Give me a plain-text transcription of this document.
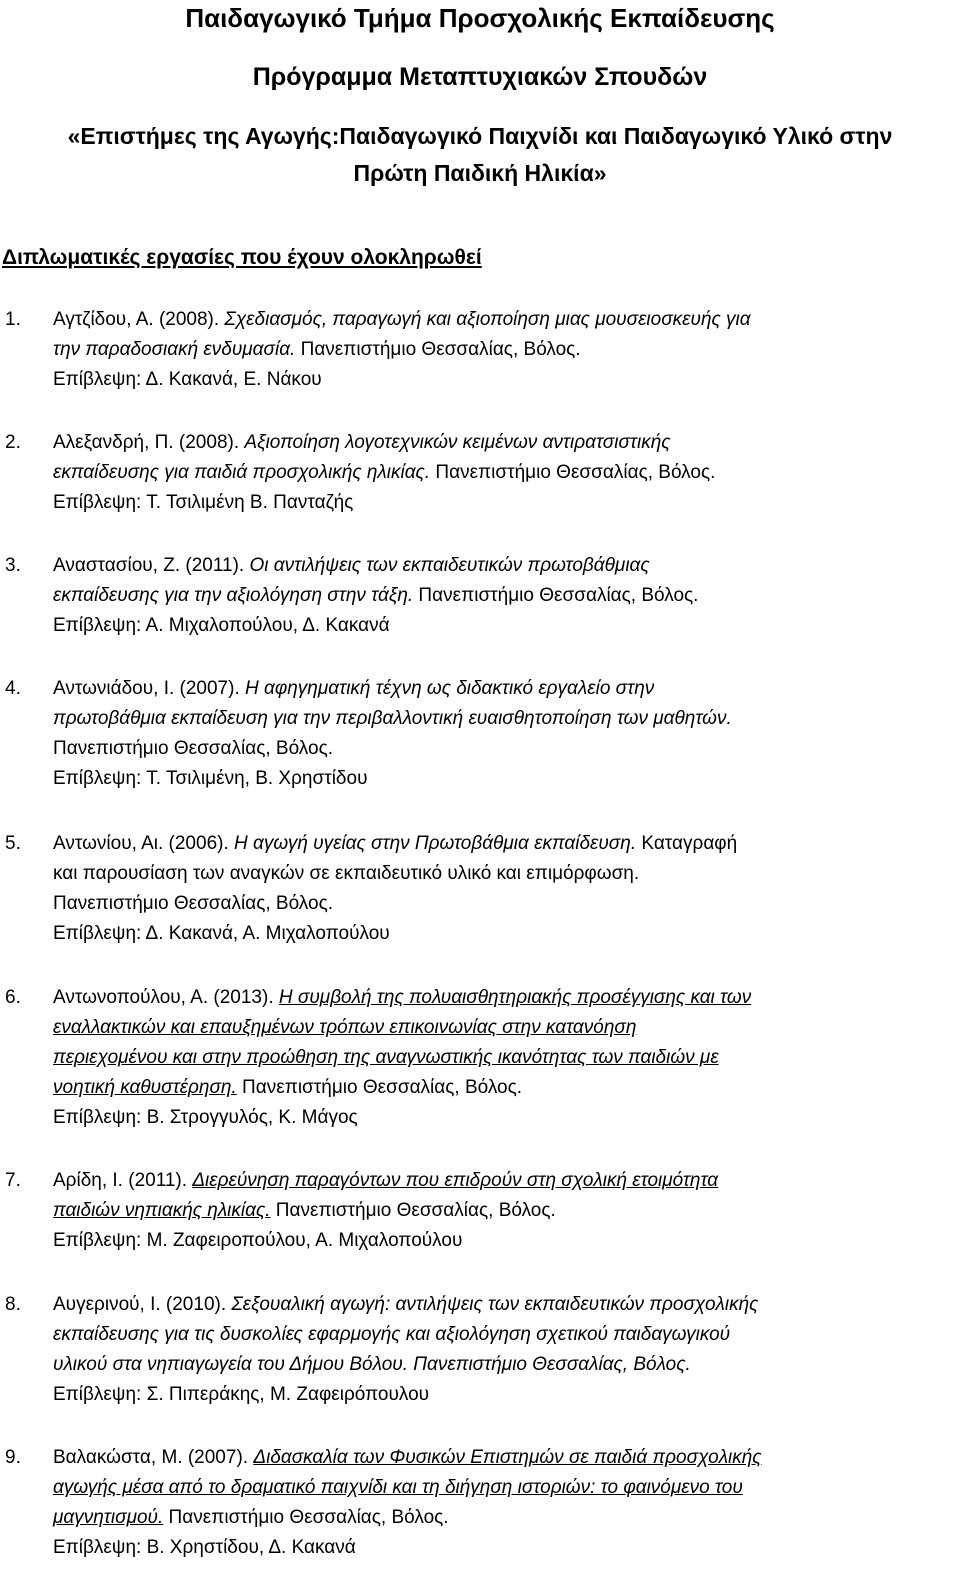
Παιδαγωγικό Τμήμα Προσχολικής Εκπαίδευσης
Πρόγραμμα Μεταπτυχιακών Σπουδών
«Επιστήμες της Αγωγής:Παιδαγωγικό Παιχνίδι και Παιδαγωγικό Υλικό στην
Πρώτη Παιδική Ηλικία»
Διπλωματικές εργασίες που έχουν ολοκληρωθεί
1. Αγτζίδου, Α. (2008). Σχεδιασμός, παραγωγή και αξιοποίηση μιας μουσειοσκευής για
την παραδοσιακή ενδυμασία. Πανεπιστήμιο Θεσσαλίας, Βόλος.
Επίβλεψη: Δ. Κακανά, Ε. Νάκου
2. Αλεξανδρή, Π. (2008). Αξιοποίηση λογοτεχνικών κειμένων αντιρατσιστικής
εκπαίδευσης για παιδιά προσχολικής ηλικίας. Πανεπιστήμιο Θεσσαλίας, Βόλος.
Επίβλεψη: Τ. Τσιλιμένη Β. Πανταζής
3. Αναστασίου, Ζ. (2011). Οι αντιλήψεις των εκπαιδευτικών πρωτοβάθμιας
εκπαίδευσης για την αξιολόγηση στην τάξη. Πανεπιστήμιο Θεσσαλίας, Βόλος.
Επίβλεψη: Α. Μιχαλοπούλου, Δ. Κακανά
4. Αντωνιάδου, Ι. (2007). Η αφηγηματική τέχνη ως διδακτικό εργαλείο στην
πρωτοβάθμια εκπαίδευση για την περιβαλλοντική ευαισθητοποίηση των μαθητών.
Πανεπιστήμιο Θεσσαλίας, Βόλος.
Επίβλεψη: Τ. Τσιλιμένη, Β. Χρηστίδου
5. Αντωνίου, Αι. (2006). Η αγωγή υγείας στην Πρωτοβάθμια εκπαίδευση. Καταγραφή
και παρουσίαση των αναγκών σε εκπαιδευτικό υλικό και επιμόρφωση.
Πανεπιστήμιο Θεσσαλίας, Βόλος.
Επίβλεψη: Δ. Κακανά, Α. Μιχαλοπούλου
6. Αντωνοπούλου, Α. (2013). Η συμβολή της πολυαισθητηριακής προσέγγισης και των
εναλλακτικών και επαυξημένων τρόπων επικοινωνίας στην κατανόηση
περιεχομένου και στην προώθηση της αναγνωστικής ικανότητας των παιδιών με
νοητική καθυστέρηση. Πανεπιστήμιο Θεσσαλίας, Βόλος.
Επίβλεψη: Β. Στρογγυλός, Κ. Μάγος
7. Αρίδη, Ι. (2011). Διερεύνηση παραγόντων που επιδρούν στη σχολική ετοιμότητα
παιδιών νηπιακής ηλικίας. Πανεπιστήμιο Θεσσαλίας, Βόλος.
Επίβλεψη: Μ. Ζαφειροπούλου, Α. Μιχαλοπούλου
8. Αυγερινού, Ι. (2010). Σεξουαλική αγωγή: αντιλήψεις των εκπαιδευτικών προσχολικής
εκπαίδευσης για τις δυσκολίες εφαρμογής και αξιολόγηση σχετικού παιδαγωγικού
υλικού στα νηπιαγωγεία του Δήμου Βόλου. Πανεπιστήμιο Θεσσαλίας, Βόλος.
Επίβλεψη: Σ. Πιπεράκης, Μ. Ζαφειρόπουλου
9. Βαλακώστα, Μ. (2007). Διδασκαλία των Φυσικών Επιστημών σε παιδιά προσχολικής
αγωγής μέσα από το δραματικό παιχνίδι και τη διήγηση ιστοριών: το φαινόμενο του
μαγνητισμού. Πανεπιστήμιο Θεσσαλίας, Βόλος.
Επίβλεψη: Β. Χρηστίδου, Δ. Κακανά
